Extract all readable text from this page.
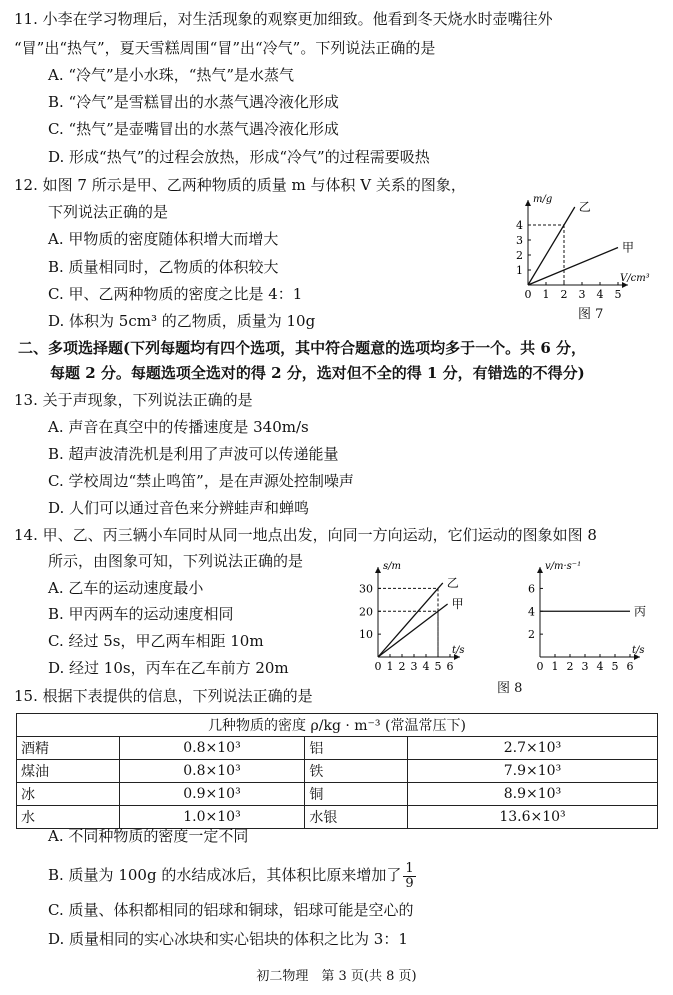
11. 小李在学习物理后，对生活现象的观察更加细致。他看到冬天烧水时壶嘴往外
“冒”出“热气”，夏天雪糕周围“冒”出“冷气”。下列说法正确的是
A. “冷气”是小水珠，“热气”是水蒸气
B. “冷气”是雪糕冒出的水蒸气遇冷液化形成
C. “热气”是壶嘴冒出的水蒸气遇冷液化形成
D. 形成“热气”的过程会放热，形成“冷气”的过程需要吸热
12. 如图 7 所示是甲、乙两种物质的质量 m 与体积 V 关系的图象，
下列说法正确的是
A. 甲物质的密度随体积增大而增大
B. 质量相同时，乙物质的体积较大
C. 甲、乙两种物质的密度之比是 4：1
D. 体积为 5cm³ 的乙物质，质量为 10g
0 1 2 3 4 5
1
2
3
4
V/cm³
m/g
乙
甲
图 7
二、多项选择题(下列每题均有四个选项，其中符合题意的选项均多于一个。共 6 分，
每题 2 分。每题选项全选对的得 2 分，选对但不全的得 1 分，有错选的不得分)
13. 关于声现象，下列说法正确的是
A. 声音在真空中的传播速度是 340m/s
B. 超声波清洗机是利用了声波可以传递能量
C. 学校周边“禁止鸣笛”，是在声源处控制噪声
D. 人们可以通过音色来分辨蛙声和蝉鸣
14. 甲、乙、丙三辆小车同时从同一地点出发，向同一方向运动，它们运动的图象如图 8
所示，由图象可知，下列说法正确的是
A. 乙车的运动速度最小
B. 甲丙两车的运动速度相同
C. 经过 5s，甲乙两车相距 10m
D. 经过 10s，丙车在乙车前方 20m	0 1 2 3 4 5 6
10
20
30
t/s
s/m
乙
甲
0 1 2 3 4 5 6
2
4
6
t/s
v/m·s⁻¹
丙
图 8
15. 根据下表提供的信息，下列说法正确的是
几种物质的密度 ρ/kg · m⁻³ (常温常压下)			
酒精	0.8×10³	铝	2.7×10³
煤油	0.8×10³	铁	7.9×10³
冰	0.9×10³	铜	8.9×10³
水	1.0×10³	水银	13.6×10³
A. 不同种物质的密度一定不同
B. 质量为 100g 的水结成冰后，其体积比原来增加了 $\frac{1}{9}$
C. 质量、体积都相同的铝球和铜球，铝球可能是空心的
D. 质量相同的实心冰块和实心铝块的体积之比为 3：1
初二物理　第 3 页(共 8 页)
